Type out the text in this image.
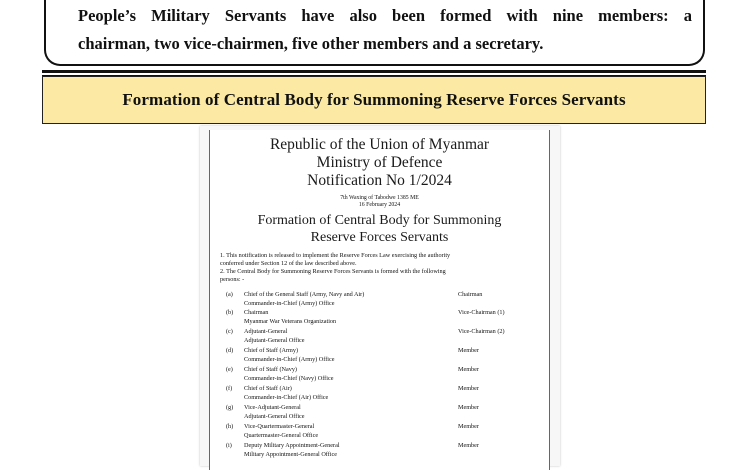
People’s Military Servants have also been formed with nine members: a
chairman, two vice-chairmen, five other members and a secretary.
Formation of Central Body for Summoning Reserve Forces Servants
Republic of the Union of Myanmar
Ministry of Defence
Notification No 1/2024
7th Waxing of Tabodwe 1385 ME
16 February 2024
Formation of Central Body for Summoning
Reserve Forces Servants
1. This notification is released to implement the Reserve Forces Law exercising the authority
conferred under Section 12 of the law described above.
2. The Central Body for Summoning Reserve Forces Servants is formed with the following
persons: -
(a) Chief of the General Staff (Army, Navy and Air)	Chairman
Commander-in-Chief (Army) Office
(b) Chairman	Vice-Chairman (1)
Myanmar War Veterans Organization
(c) Adjutant-General	Vice-Chairman (2)
Adjutant-General Office
(d) Chief of Staff (Army)	Member
Commander-in-Chief (Army) Office
(e) Chief of Staff (Navy)	Member
Commander-in-Chief (Navy) Office
(f) Chief of Staff (Air)	Member
Commander-in-Chief (Air) Office
(g) Vice-Adjutant-General	Member
Adjutant-General Office
(h) Vice-Quartermaster-General	Member
Quartermaster-General Office
(i) Deputy Military Appointment-General	Member
Military Appointment-General Office
